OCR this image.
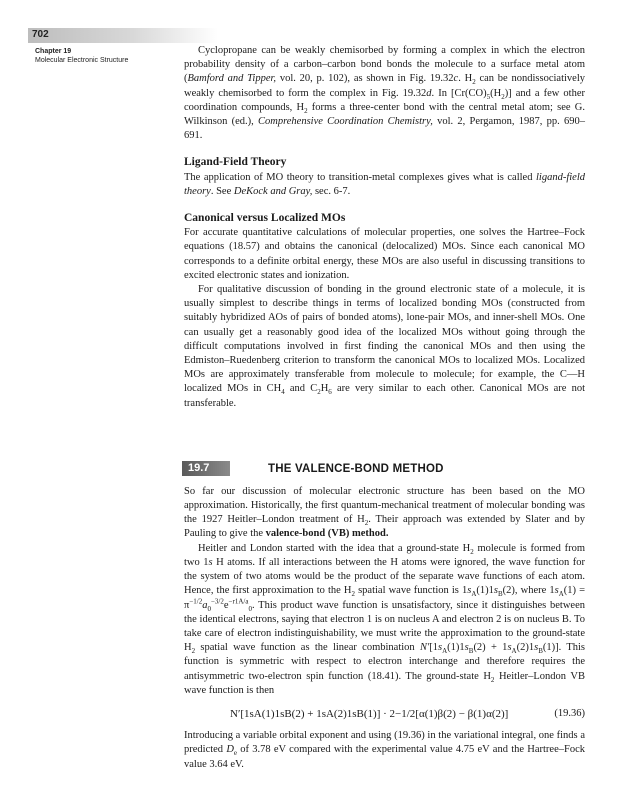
702
Chapter 19
Molecular Electronic Structure

Cyclopropane can be weakly chemisorbed by forming a complex in which the electron probability density of a carbon–carbon bond bonds the molecule to a surface metal atom (Bamford and Tipper, vol. 20, p. 102), as shown in Fig. 19.32c. $H_2$ can be nondissociatively weakly chemisorbed to form the complex in Fig. 19.32d. In $[Cr(CO)_5(H_2)]$ and a few other coordination compounds, $H_2$ forms a three-center bond with the central metal atom; see G. Wilkinson (ed.), Comprehensive Coordination Chemistry, vol. 2, Pergamon, 1987, pp. 690–691.

Ligand-Field Theory

The application of MO theory to transition-metal complexes gives what is called ligand-field theory. See DeKock and Gray, sec. 6-7.

Canonical versus Localized MOs

For accurate quantitative calculations of molecular properties, one solves the Hartree–Fock equations (18.57) and obtains the canonical (delocalized) MOs. Since each canonical MO corresponds to a definite orbital energy, these MOs are also useful in discussing transitions to excited electronic states and ionization.

For qualitative discussion of bonding in the ground electronic state of a molecule, it is usually simplest to describe things in terms of localized bonding MOs (constructed from suitably hybridized AOs of pairs of bonded atoms), lone-pair MOs, and inner-shell MOs. One can usually get a reasonably good idea of the localized MOs without going through the difficult computations involved in first finding the canonical MOs and then using the Edmiston–Ruedenberg criterion to transform the canonical MOs to localized MOs. Localized MOs are approximately transferable from molecule to molecule; for example, the C—H localized MOs in $CH_4$ and $C_2H_6$ are very similar to each other. Canonical MOs are not transferable.

19.7	THE VALENCE-BOND METHOD

So far our discussion of molecular electronic structure has been based on the MO approximation. Historically, the first quantum-mechanical treatment of molecular bonding was the 1927 Heitler–London treatment of $H_2$. Their approach was extended by Slater and by Pauling to give the valence-bond (VB) method.

Heitler and London started with the idea that a ground-state $H_2$ molecule is formed from two 1s H atoms. If all interactions between the H atoms were ignored, the wave function for the system of two atoms would be the product of the separate wave functions of each atom. Hence, the first approximation to the $H_2$ spatial wave function is $1s_A(1)1s_B(2)$, where $1s_A(1) = \pi^{-1/2}a_0^{-3/2}e^{-r1A/a}_0$. This product wave function is unsatisfactory, since it distinguishes between the identical electrons, saying that electron 1 is on nucleus A and electron 2 is on nucleus B. To take care of electron indistinguishability, we must write the approximation to the ground-state $H_2$ spatial wave function as the linear combination $N'[1s_A(1)1s_B(2) + 1s_A(2)1s_B(1)]$. This function is symmetric with respect to electron interchange and therefore requires the antisymmetric two-electron spin function (18.41). The ground-state $H_2$ Heitler–London VB wave function is then

N′[1sA(1)1sB(2) + 1sA(2)1sB(1)] · 2−1/2[α(1)β(2) − β(1)α(2)]	(19.36)

Introducing a variable orbital exponent and using (19.36) in the variational integral, one finds a predicted $D_e$ of 3.78 eV compared with the experimental value 4.75 eV and the Hartree–Fock value 3.64 eV.
